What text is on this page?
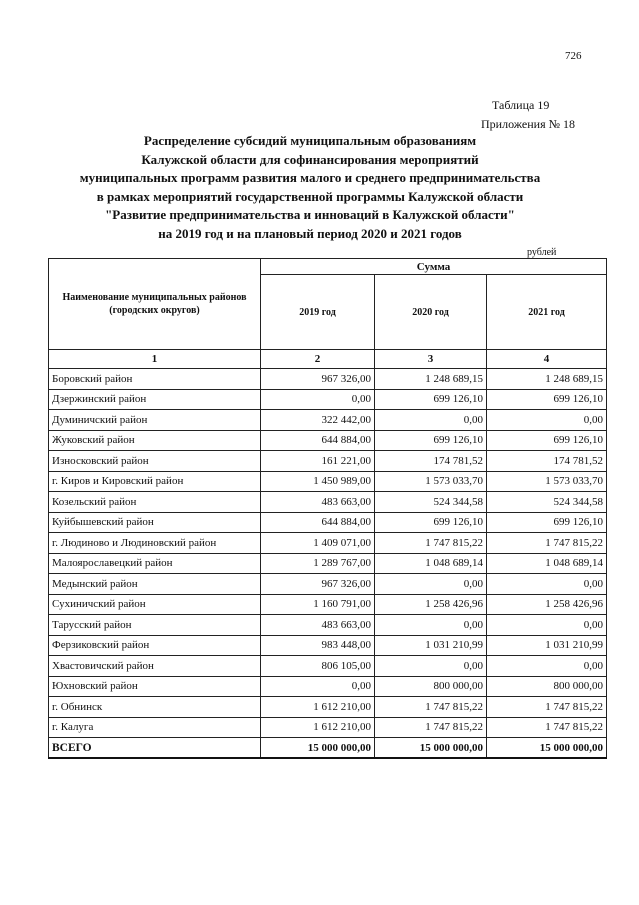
726
Таблица 19
Приложения № 18
Распределение субсидий муниципальным образованиям
Калужской области для софинансирования мероприятий
муниципальных программ развития малого и среднего предпринимательства
в рамках мероприятий государственной программы Калужской области
"Развитие предпринимательства и инноваций в Калужской области"
на 2019 год и на плановый период 2020 и 2021 годов
рублей
Наименование муниципальных районов (городских округов)	Сумма		
	2019 год	2020 год	2021 год
1	2	3	4
Боровский район	967 326,00	1 248 689,15	1 248 689,15
Дзержинский район	0,00	699 126,10	699 126,10
Думиничский район	322 442,00	0,00	0,00
Жуковский район	644 884,00	699 126,10	699 126,10
Износковский район	161 221,00	174 781,52	174 781,52
г. Киров и Кировский район	1 450 989,00	1 573 033,70	1 573 033,70
Козельский район	483 663,00	524 344,58	524 344,58
Куйбышевский район	644 884,00	699 126,10	699 126,10
г. Людиново и Людиновский район	1 409 071,00	1 747 815,22	1 747 815,22
Малоярославецкий район	1 289 767,00	1 048 689,14	1 048 689,14
Медынский район	967 326,00	0,00	0,00
Сухиничский район	1 160 791,00	1 258 426,96	1 258 426,96
Тарусский район	483 663,00	0,00	0,00
Ферзиковский район	983 448,00	1 031 210,99	1 031 210,99
Хвастовичский район	806 105,00	0,00	0,00
Юхновский район	0,00	800 000,00	800 000,00
г. Обнинск	1 612 210,00	1 747 815,22	1 747 815,22
г. Калуга	1 612 210,00	1 747 815,22	1 747 815,22
ВСЕГО	15 000 000,00	15 000 000,00	15 000 000,00
